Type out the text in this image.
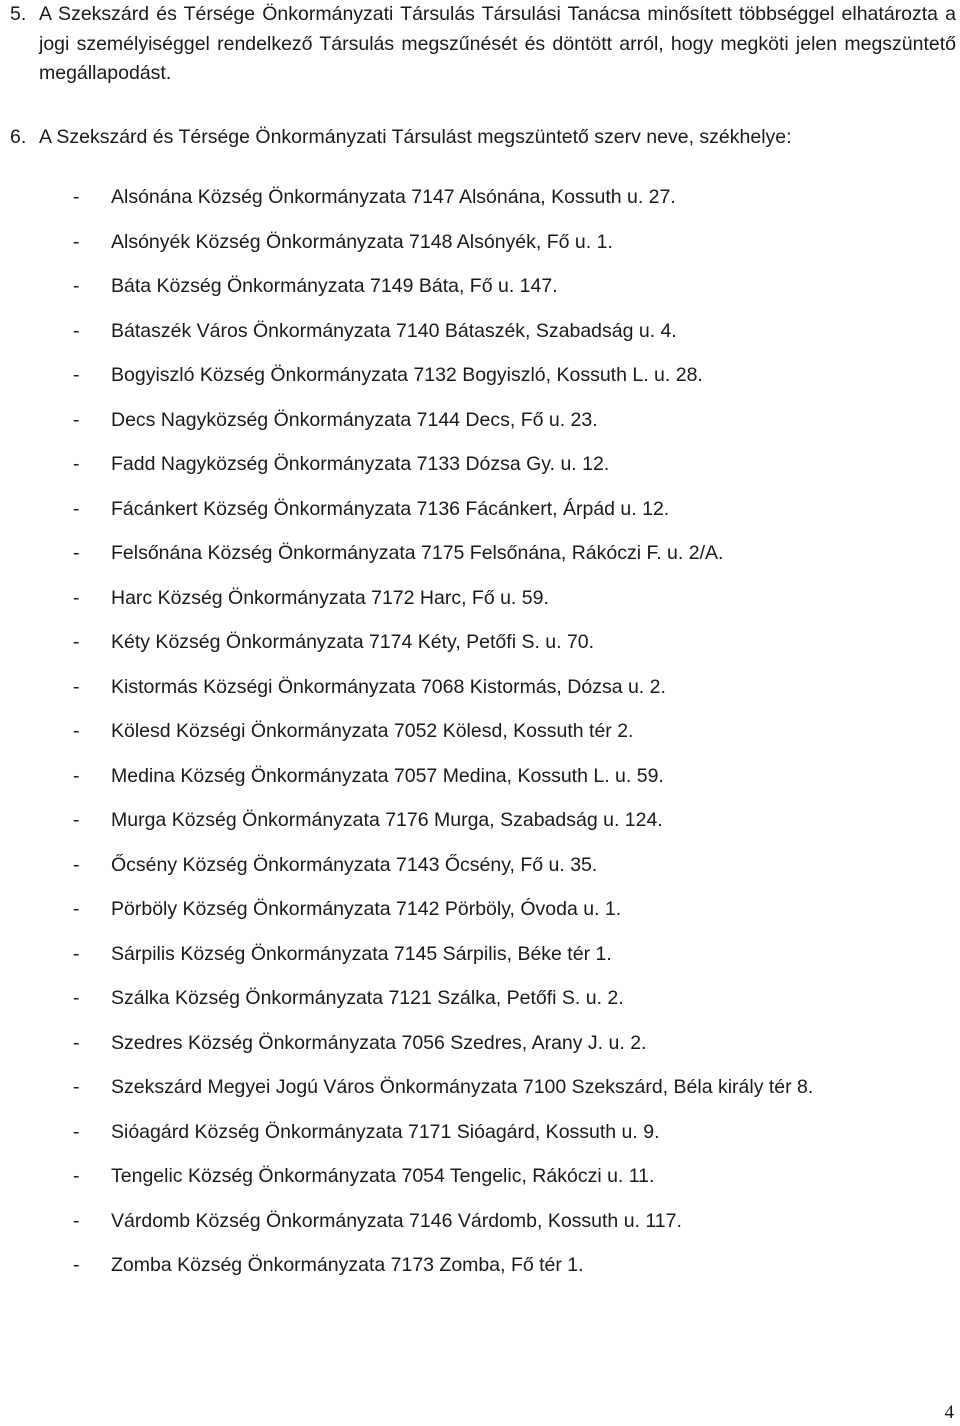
5. A Szekszárd és Térsége Önkormányzati Társulás Társulási Tanácsa minősített többséggel elhatározta a jogi személyiséggel rendelkező Társulás megszűnését és döntött arról, hogy megköti jelen megszüntető megállapodást.
6. A Szekszárd és Térsége Önkormányzati Társulást megszüntető szerv neve, székhelye:
- Alsónána Község Önkormányzata 7147 Alsónána, Kossuth u. 27.
- Alsónyék Község Önkormányzata 7148 Alsónyék, Fő u. 1.
- Báta Község Önkormányzata 7149 Báta, Fő u. 147.
- Bátaszék Város Önkormányzata 7140 Bátaszék, Szabadság u. 4.
- Bogyiszló Község Önkormányzata 7132 Bogyiszló, Kossuth L. u. 28.
- Decs Nagyközség Önkormányzata 7144 Decs, Fő u. 23.
- Fadd Nagyközség Önkormányzata 7133 Dózsa Gy. u. 12.
- Fácánkert Község Önkormányzata 7136 Fácánkert, Árpád u. 12.
- Felsőnána Község Önkormányzata 7175 Felsőnána, Rákóczi F. u. 2/A.
- Harc Község Önkormányzata 7172 Harc, Fő u. 59.
- Kéty Község Önkormányzata 7174 Kéty, Petőfi S. u. 70.
- Kistormás Községi Önkormányzata 7068 Kistormás, Dózsa u. 2.
- Kölesd Községi Önkormányzata 7052 Kölesd, Kossuth tér 2.
- Medina Község Önkormányzata 7057 Medina, Kossuth L. u. 59.
- Murga Község Önkormányzata 7176 Murga, Szabadság u. 124.
- Őcsény Község Önkormányzata 7143 Őcsény, Fő u. 35.
- Pörböly Község Önkormányzata 7142 Pörböly, Óvoda u. 1.
- Sárpilis Község Önkormányzata 7145 Sárpilis, Béke tér 1.
- Szálka Község Önkormányzata 7121 Szálka, Petőfi S. u. 2.
- Szedres Község Önkormányzata 7056 Szedres, Arany J. u. 2.
- Szekszárd Megyei Jogú Város Önkormányzata 7100 Szekszárd, Béla király tér 8.
- Sióagárd Község Önkormányzata 7171 Sióagárd, Kossuth u. 9.
- Tengelic Község Önkormányzata 7054 Tengelic, Rákóczi u. 11.
- Várdomb Község Önkormányzata 7146 Várdomb, Kossuth u. 117.
- Zomba Község Önkormányzata 7173 Zomba, Fő tér 1.
4
